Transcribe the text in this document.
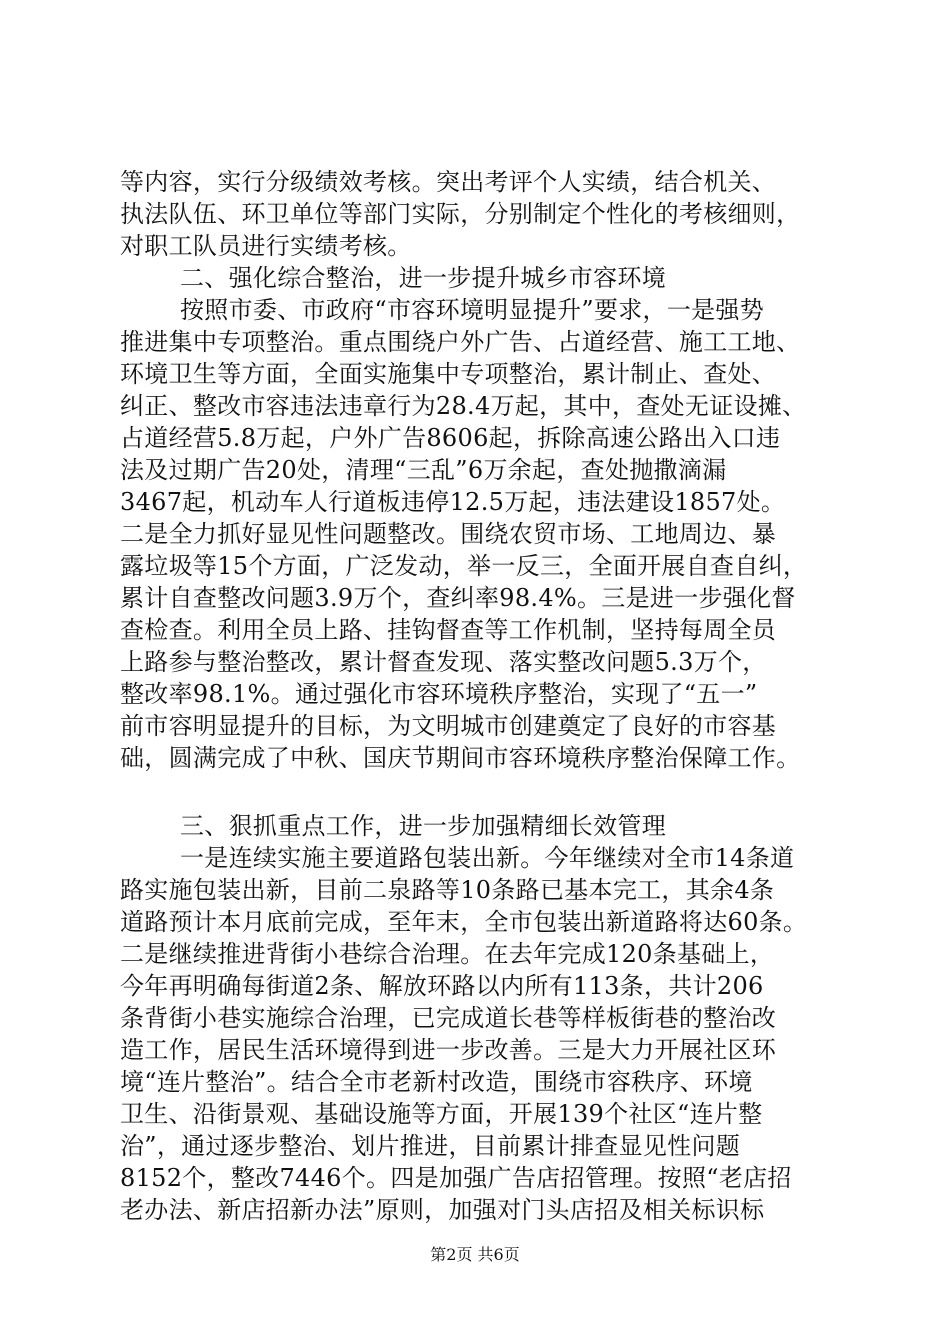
等内容，实行分级绩效考核。突出考评个人实绩，结合机关、
执法队伍、环卫单位等部门实际，分别制定个性化的考核细则，
对职工队员进行实绩考核。
二、强化综合整治，进一步提升城乡市容环境
按照市委、市政府“市容环境明显提升”要求，一是强势
推进集中专项整治。重点围绕户外广告、占道经营、施工工地、
环境卫生等方面，全面实施集中专项整治，累计制止、查处、
纠正、整改市容违法违章行为28.4万起，其中，查处无证设摊、
占道经营5.8万起，户外广告8606起，拆除高速公路出入口违
法及过期广告20处，清理“三乱”6万余起，查处抛撒滴漏
3467起，机动车人行道板违停12.5万起，违法建设1857处。
二是全力抓好显见性问题整改。围绕农贸市场、工地周边、暴
露垃圾等15个方面，广泛发动，举一反三，全面开展自查自纠，
累计自查整改问题3.9万个，查纠率98.4%。三是进一步强化督
查检查。利用全员上路、挂钩督查等工作机制，坚持每周全员
上路参与整治整改，累计督查发现、落实整改问题5.3万个，
整改率98.1%。通过强化市容环境秩序整治，实现了“五一”
前市容明显提升的目标，为文明城市创建奠定了良好的市容基
础，圆满完成了中秋、国庆节期间市容环境秩序整治保障工作。
三、狠抓重点工作，进一步加强精细长效管理
一是连续实施主要道路包装出新。今年继续对全市14条道
路实施包装出新，目前二泉路等10条路已基本完工，其余4条
道路预计本月底前完成，至年末，全市包装出新道路将达60条。
二是继续推进背街小巷综合治理。在去年完成120条基础上，
今年再明确每街道2条、解放环路以内所有113条，共计206
条背街小巷实施综合治理，已完成道长巷等样板街巷的整治改
造工作，居民生活环境得到进一步改善。三是大力开展社区环
境“连片整治”。结合全市老新村改造，围绕市容秩序、环境
卫生、沿街景观、基础设施等方面，开展139个社区“连片整
治”，通过逐步整治、划片推进，目前累计排查显见性问题
8152个，整改7446个。四是加强广告店招管理。按照“老店招
老办法、新店招新办法”原则，加强对门头店招及相关标识标
第2页 共6页
